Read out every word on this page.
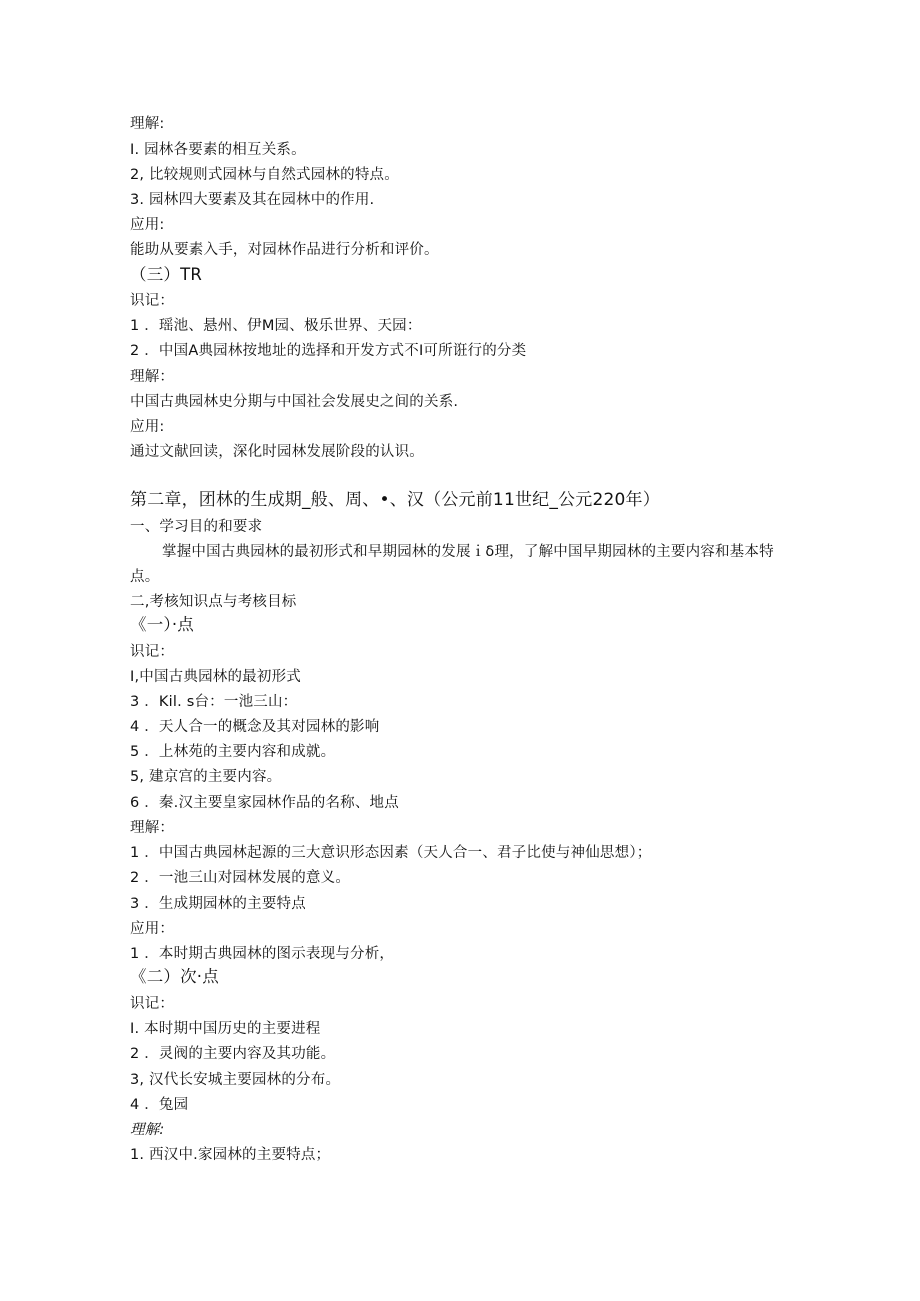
理解:
I. 园林各要素的相互关系。
2, 比较规则式园林与自然式园林的特点。
3. 园林四大要素及其在园林中的作用.
应用:
能助从要素入手，对园林作品进行分析和评价。
（三）TR
识记：
1 ．瑶池、悬州、伊M园、极乐世界、天园：
2 ．中国A典园林按地址的选择和开发方式不I可所诳行的分类
理解：
中国古典园林史分期与中国社会发展史之间的关系.
应用:
通过文献回读，深化时园林发展阶段的认识。
第二章，团林的生成期_般、周、•、汉（公元前11世纪_公元220年）
一、学习目的和要求
掌握中国古典园林的最初形式和早期园林的发展ｉδ理，了解中国早期园林的主要内容和基本特
点。
二,考核知识点与考核目标
《一）·点
识记：
I,中国古典园林的最初形式
3 ．Kil. s台：一池三山：
4 ．天人合一的概念及其对园林的影响
5 ．上林苑的主要内容和成就。
5, 建京宫的主要内容。
6 ．秦.汉主要皇家园林作品的名称、地点
理解：
1 ．中国古典园林起源的三大意识形态因素（天人合一、君子比使与神仙思想）；
2 ．一池三山对园林发展的意义。
3 ．生成期园林的主要特点
应用：
1 ．本时期古典园林的图示表现与分析，
《二）次·点
识记：
I. 本时期中国历史的主要进程
2 ．灵阀的主要内容及其功能。
3, 汉代长安城主要园林的分布。
4 ．兔园
理解:
1. 西汉中.家园林的主要特点；
